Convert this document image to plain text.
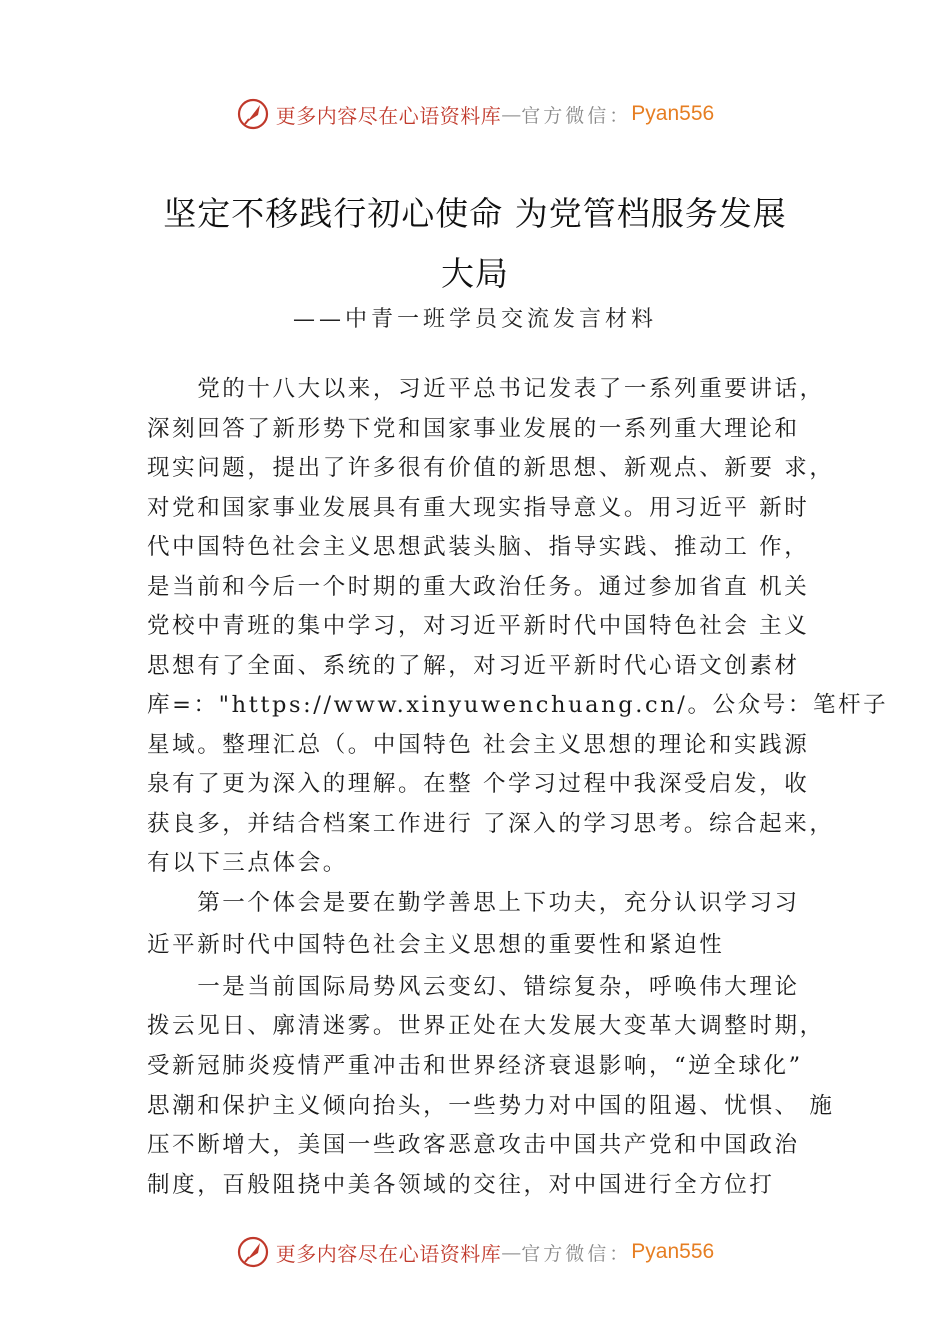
更多内容尽在心语资料库 — 官方微信： Pyan556
坚定不移践行初心使命 为党管档服务发展
大局
——中青一班学员交流发言材料
　　党的十八大以来，习近平总书记发表了一系列重要讲话，
深刻回答了新形势下党和国家事业发展的一系列重大理论和
现实问题，提出了许多很有价值的新思想、新观点、新要 求，
对党和国家事业发展具有重大现实指导意义。用习近平 新时
代中国特色社会主义思想武装头脑、指导实践、推动工 作，
是当前和今后一个时期的重大政治任务。通过参加省直 机关
党校中青班的集中学习，对习近平新时代中国特色社会 主义
思想有了全面、系统的了解，对习近平新时代心语文创素材
库=："https://www.xinyuwenchuang.cn/。公众号：笔杆子
星域。整理汇总（。中国特色 社会主义思想的理论和实践源
泉有了更为深入的理解。在整 个学习过程中我深受启发，收
获良多，并结合档案工作进行 了深入的学习思考。综合起来，
有以下三点体会。
　　第一个体会是要在勤学善思上下功夫，充分认识学习习
近平新时代中国特色社会主义思想的重要性和紧迫性
　　一是当前国际局势风云变幻、错综复杂，呼唤伟大理论
拨云见日、廓清迷雾。世界正处在大发展大变革大调整时期，
受新冠肺炎疫情严重冲击和世界经济衰退影响，“逆全球化”
思潮和保护主义倾向抬头，一些势力对中国的阻遏、忧惧、 施
压不断增大，美国一些政客恶意攻击中国共产党和中国政治
制度，百般阻挠中美各领域的交往，对中国进行全方位打
更多内容尽在心语资料库 — 官方微信： Pyan556
